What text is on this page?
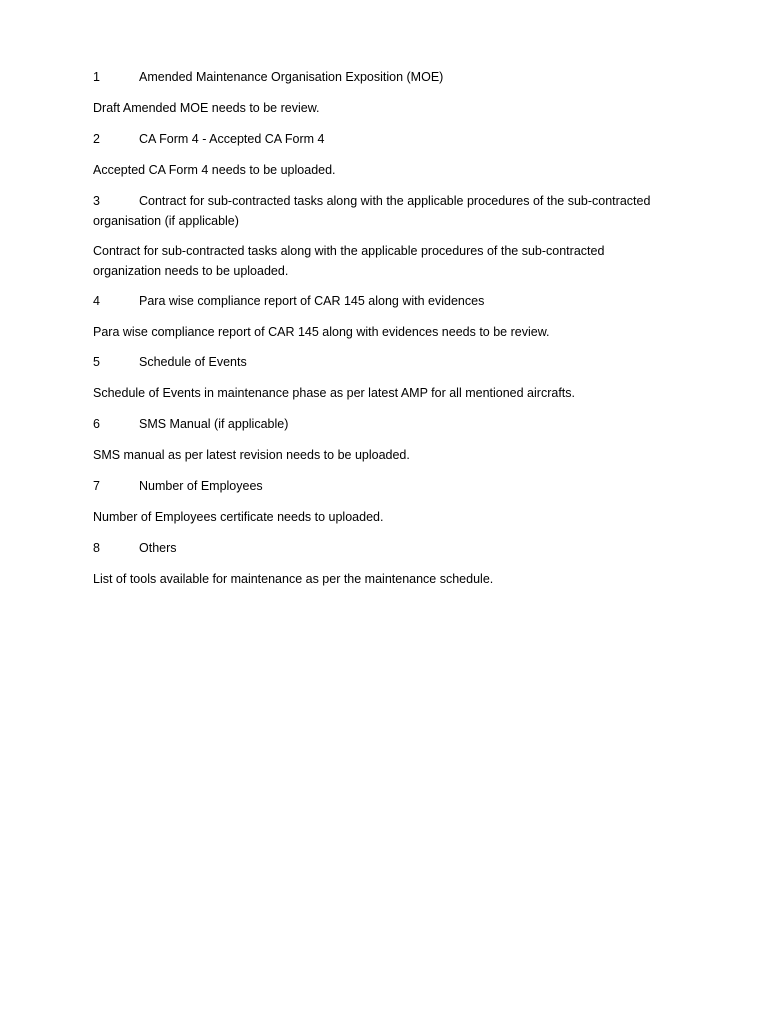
1	Amended Maintenance Organisation Exposition (MOE)
Draft Amended MOE needs to be review.
2	CA Form 4 - Accepted CA Form 4
Accepted CA Form 4 needs to be uploaded.
3	Contract for sub-contracted tasks along with the applicable procedures of the sub-contracted organisation (if applicable)
Contract for sub-contracted tasks along with the applicable procedures of the sub-contracted organization needs to be uploaded.
4	Para wise compliance report of CAR 145 along with evidences
Para wise compliance report of CAR 145 along with evidences needs to be review.
5	Schedule of Events
Schedule of Events in maintenance phase as per latest AMP for all mentioned aircrafts.
6	SMS Manual (if applicable)
SMS manual as per latest revision needs to be uploaded.
7	Number of Employees
Number of Employees certificate needs to uploaded.
8	Others
List of tools available for maintenance as per the maintenance schedule.
